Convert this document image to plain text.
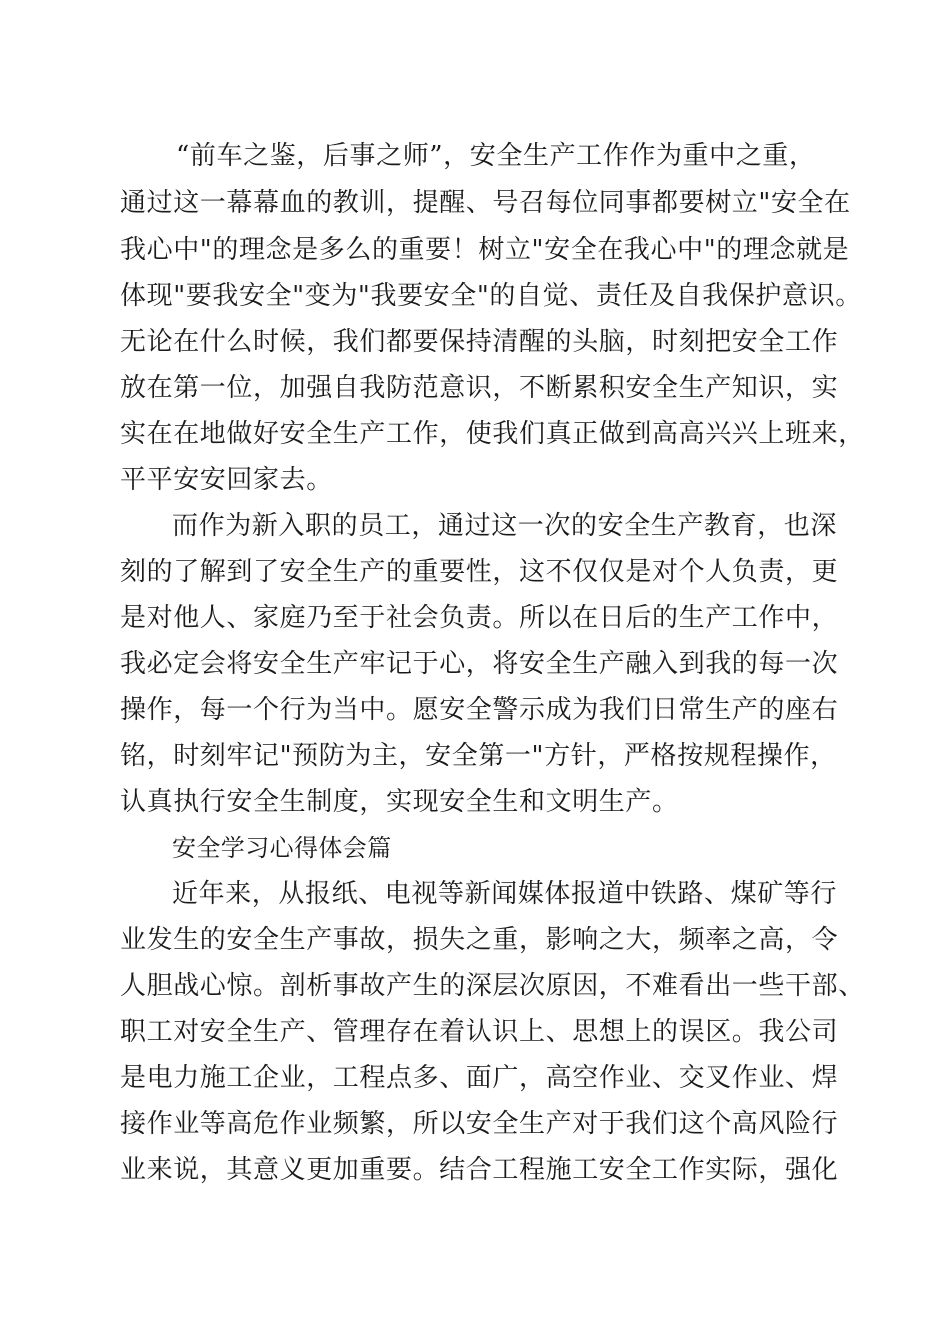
“前车之鉴，后事之师”，安全生产工作作为重中之重，
通过这一幕幕血的教训，提醒、号召每位同事都要树立"安全在
我心中"的理念是多么的重要！树立"安全在我心中"的理念就是
体现"要我安全"变为"我要安全"的自觉、责任及自我保护意识。
无论在什么时候，我们都要保持清醒的头脑，时刻把安全工作
放在第一位，加强自我防范意识，不断累积安全生产知识，实
实在在地做好安全生产工作，使我们真正做到高高兴兴上班来，
平平安安回家去。
而作为新入职的员工，通过这一次的安全生产教育，也深
刻的了解到了安全生产的重要性，这不仅仅是对个人负责，更
是对他人、家庭乃至于社会负责。所以在日后的生产工作中，
我必定会将安全生产牢记于心，将安全生产融入到我的每一次
操作，每一个行为当中。愿安全警示成为我们日常生产的座右
铭，时刻牢记"预防为主，安全第一"方针，严格按规程操作，
认真执行安全生制度，实现安全生和文明生产。
安全学习心得体会篇
近年来，从报纸、电视等新闻媒体报道中铁路、煤矿等行
业发生的安全生产事故，损失之重，影响之大，频率之高，令
人胆战心惊。剖析事故产生的深层次原因，不难看出一些干部、
职工对安全生产、管理存在着认识上、思想上的误区。我公司
是电力施工企业，工程点多、面广，高空作业、交叉作业、焊
接作业等高危作业频繁，所以安全生产对于我们这个高风险行
业来说，其意义更加重要。结合工程施工安全工作实际，强化
